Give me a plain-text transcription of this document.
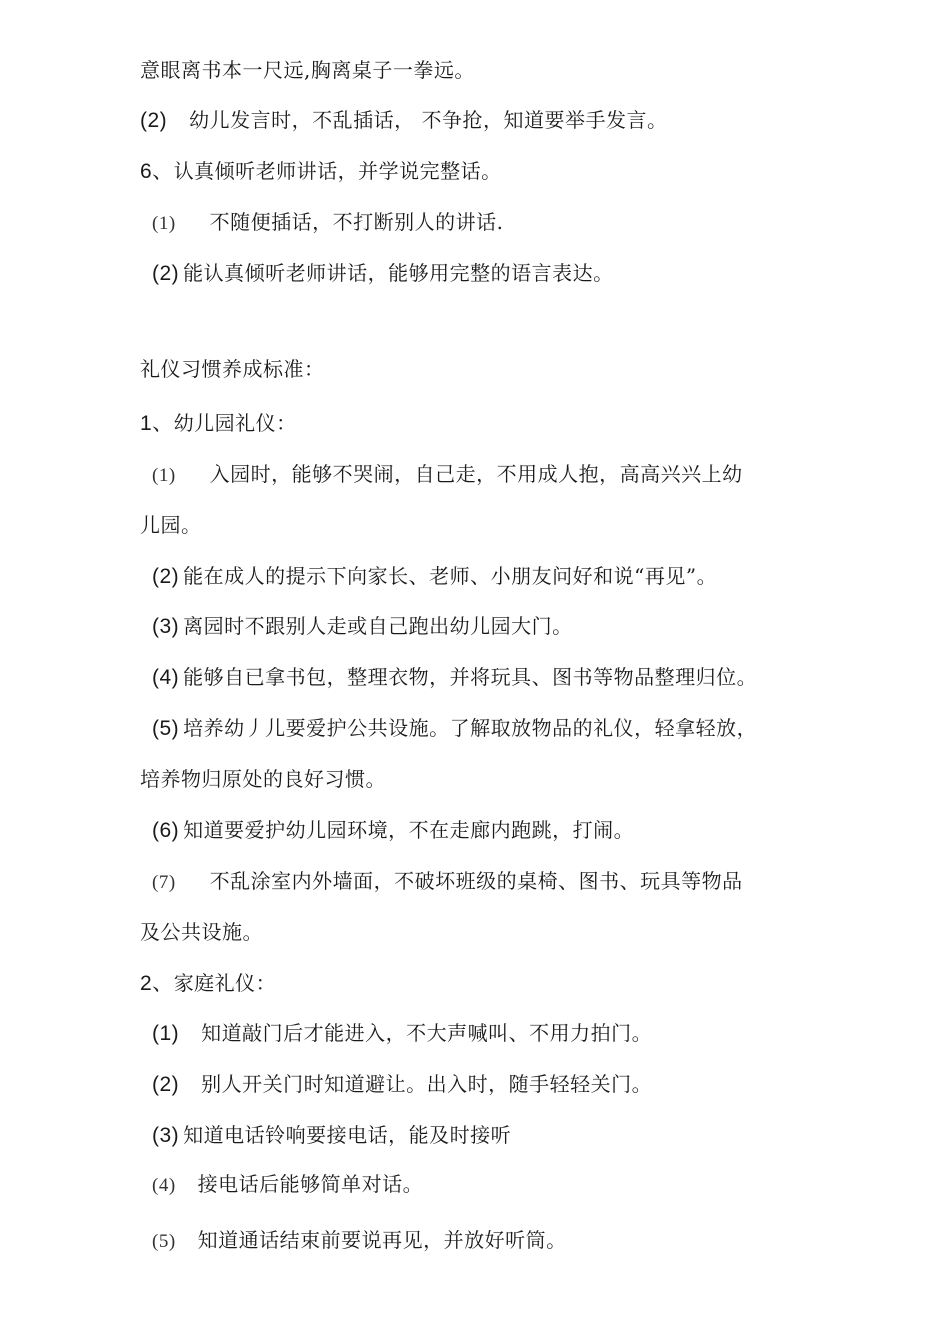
意眼离书本一尺远,胸离桌子一拳远。
(2) 幼儿发言时，不乱插话， 不争抢，知道要举手发言。
6、认真倾听老师讲话，并学说完整话。
(1) 不随便插话，不打断别人的讲话.
(2) 能认真倾听老师讲话，能够用完整的语言表达。
礼仪习惯养成标准：
1、幼儿园礼仪：
(1) 入园时，能够不哭闹，自己走，不用成人抱，高高兴兴上幼
儿园。
(2) 能在成人的提示下向家长、老师、小朋友问好和说“再见”。
(3) 离园时不跟别人走或自己跑出幼儿园大门。
(4) 能够自已拿书包，整理衣物，并将玩具、图书等物品整理归位。
(5) 培养幼丿儿要爱护公共设施。了解取放物品的礼仪，轻拿轻放，
培养物归原处的良好习惯。
(6) 知道要爱护幼儿园环境，不在走廊内跑跳，打闹。
(7) 不乱涂室内外墙面，不破坏班级的桌椅、图书、玩具等物品
及公共设施。
2、家庭礼仪：
(1) 知道敲门后才能进入，不大声喊叫、不用力拍门。
(2) 别人开关门时知道避让。出入时，随手轻轻关门。
(3) 知道电话铃响要接电话，能及时接听
(4) 接电话后能够简单对话。
(5) 知道通话结束前要说再见，并放好听筒。
